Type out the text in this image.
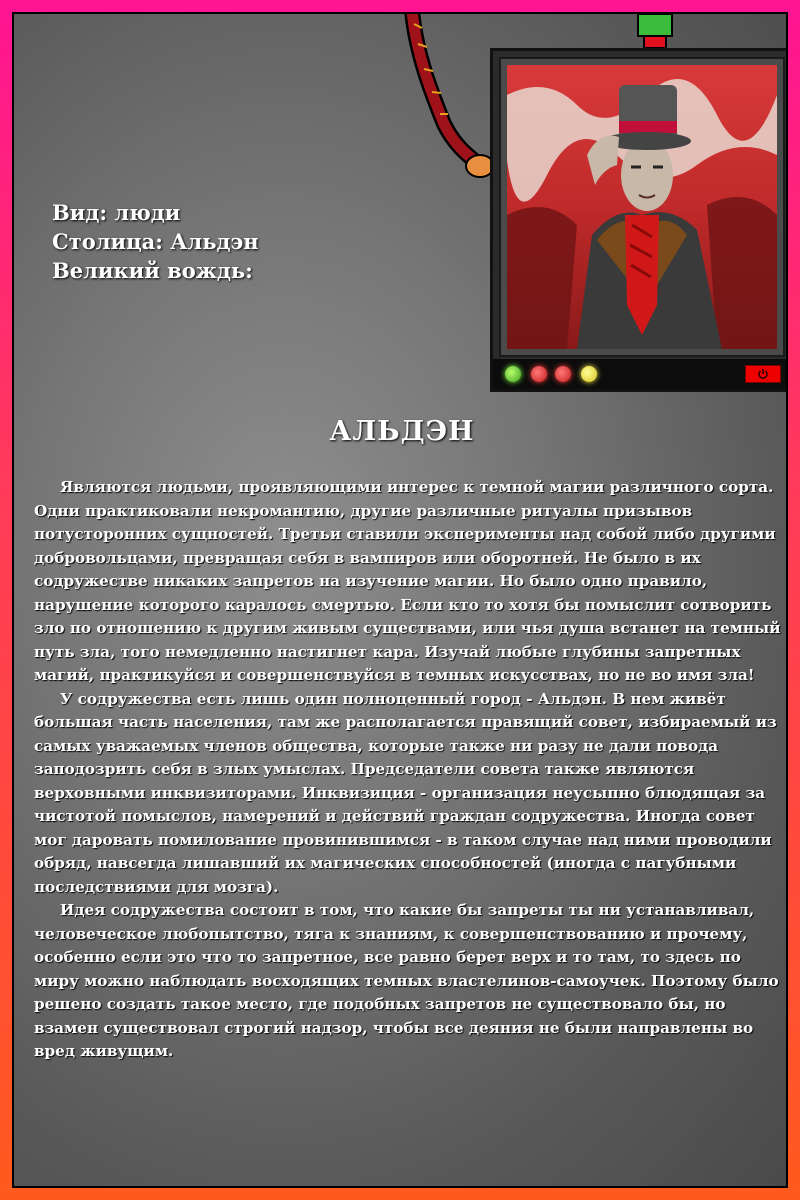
Вид: люди
Столица: Альдэн
Великий вождь:
АЛЬДЭН

Являются людьми, проявляющими интерес к темной магии различного сорта. Одни практиковали некромантию, другие различные ритуалы призывов потусторонних сущностей. Третьи ставили эксперименты над собой либо другими добровольцами, превращая себя в вампиров или оборотней. Не было в их содружестве никаких запретов на изучение магии. Но было одно правило, нарушение которого каралось смертью. Если кто то хотя бы помыслит сотворить зло по отношению к другим живым существами, или чья душа встанет на темный путь зла, того немедленно настигнет кара. Изучай любые глубины запретных магий, практикуйся и совершенствуйся в темных искусствах, но не во имя зла!

У содружества есть лишь один полноценный город - Альдэн. В нем живёт большая часть населения, там же располагается правящий совет, избираемый из самых уважаемых членов общества, которые также ни разу не дали повода заподозрить себя в злых умыслах. Председатели совета также являются верховными инквизиторами. Инквизиция - организация неусыпно блюдящая за чистотой помыслов, намерений и действий граждан содружества. Иногда совет мог даровать помилование провинившимся - в таком случае над ними проводили обряд, навсегда лишавший их магических способностей (иногда с пагубными последствиями для мозга).

Идея содружества состоит в том, что какие бы запреты ты ни устанавливал, человеческое любопытство, тяга к знаниям, к совершенствованию и прочему, особенно если это что то запретное, все равно берет верх и то там, то здесь по миру можно наблюдать восходящих темных властелинов-самоучек. Поэтому было решено создать такое место, где подобных запретов не существовало бы, но взамен существовал строгий надзор, чтобы все деяния не были направлены во вред живущим.
